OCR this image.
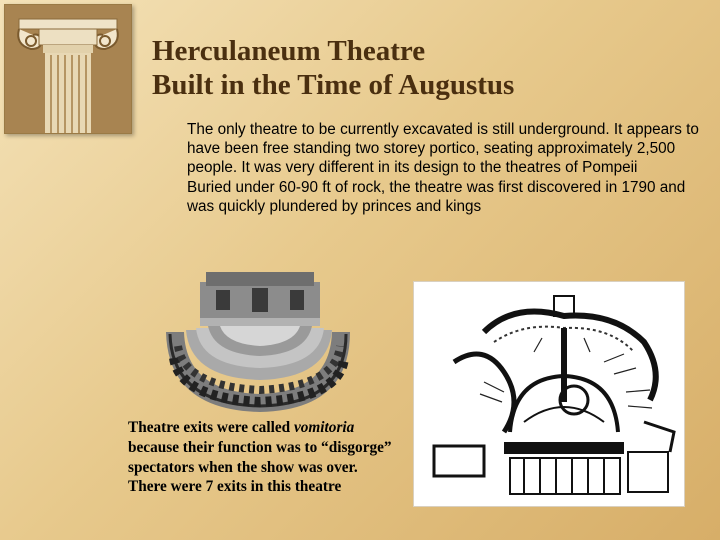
Herculaneum Theatre
Built in the Time of Augustus

The only theatre to be currently excavated is still underground. It appears to have been free standing two storey portico, seating approximately 2,500 people. It was very different in its design to the theatres of Pompeii

Buried under 60-90 ft of rock, the theatre was first discovered in 1790 and was quickly plundered by princes and kings

Theatre exits were called vomitoria because their function was to “disgorge” spectators when the show was over. There were 7 exits in this theatre
